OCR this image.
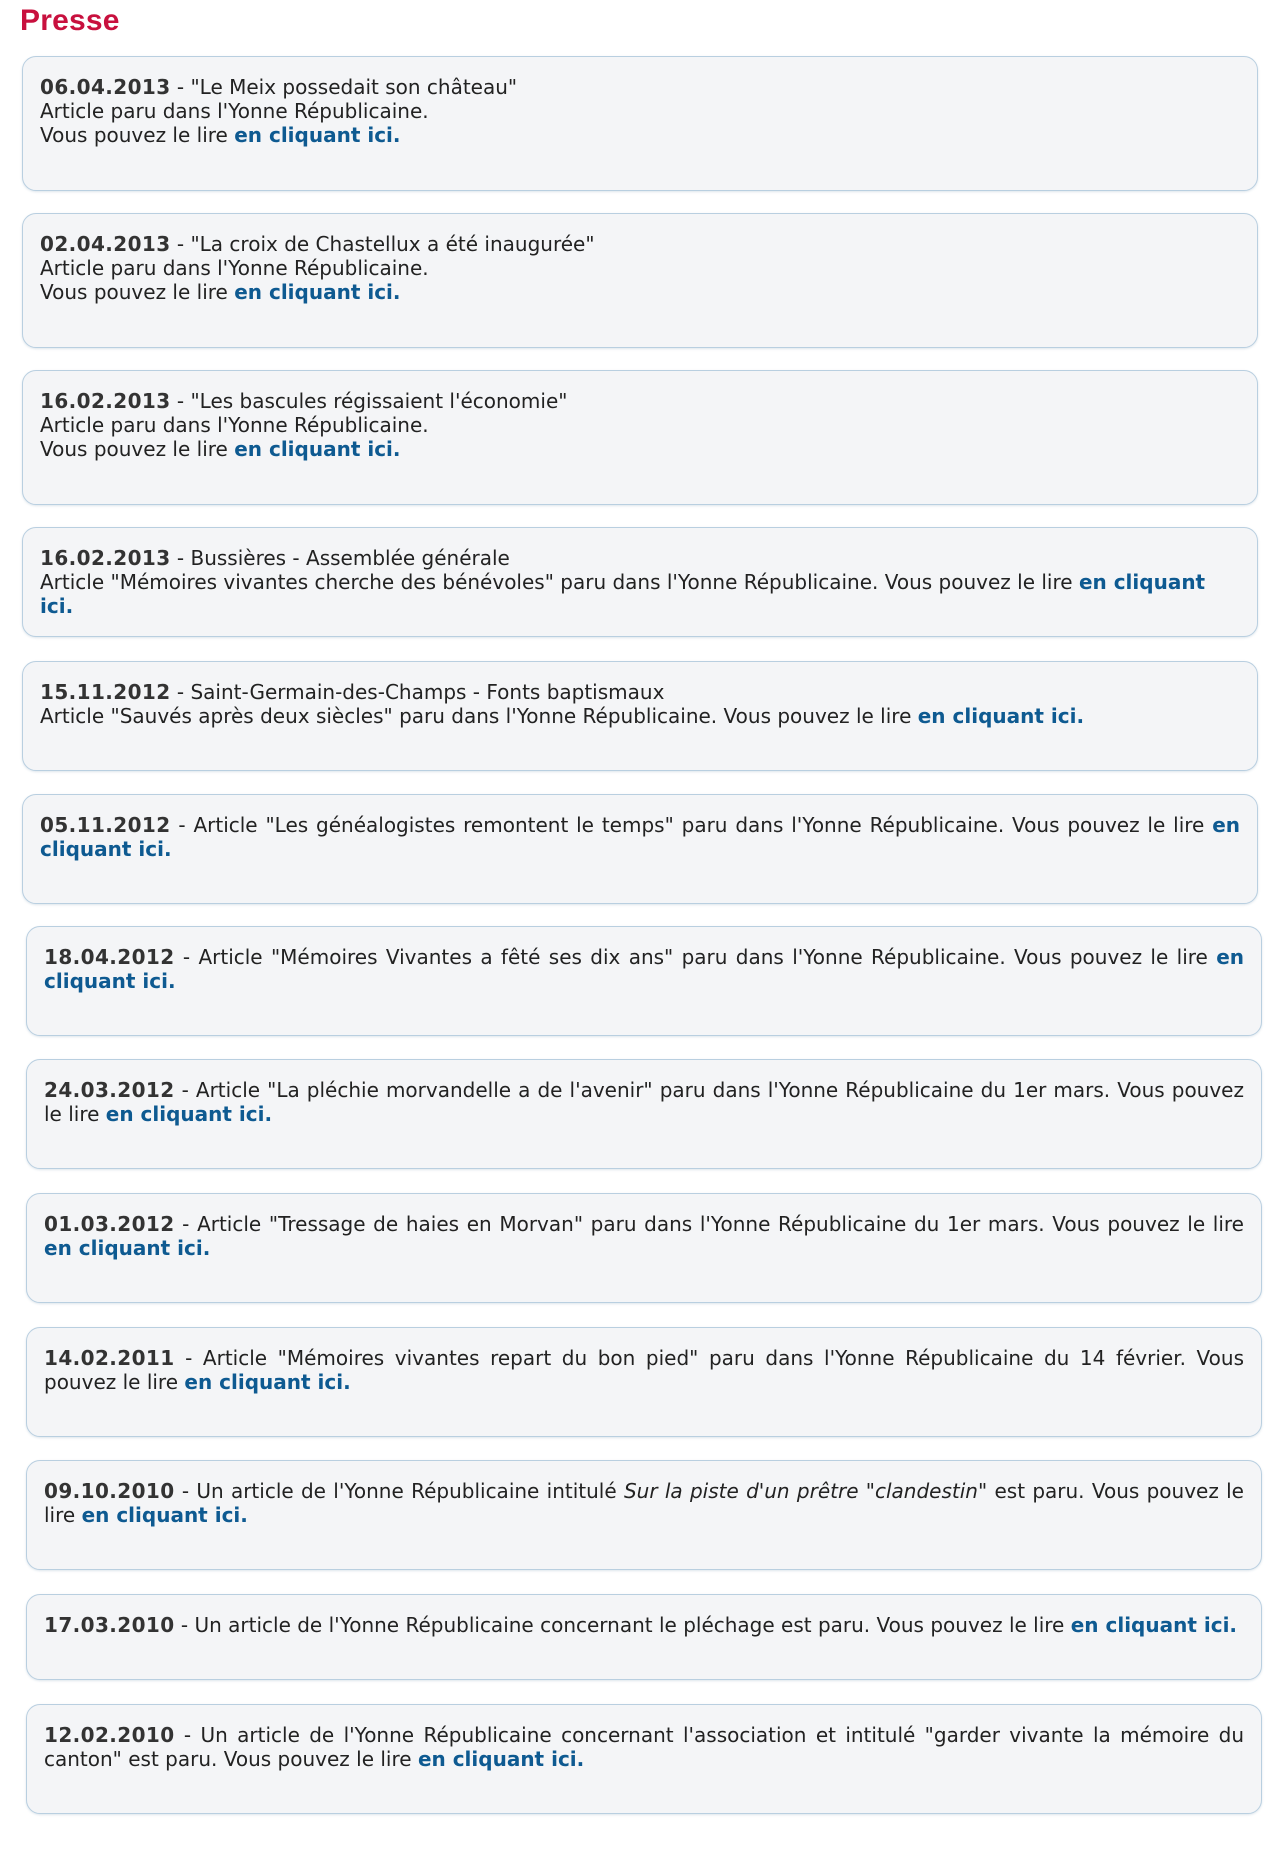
Presse
06.04.2013 - "Le Meix possedait son château"
Article paru dans l'Yonne Républicaine.
Vous pouvez le lire en cliquant ici.
02.04.2013 - "La croix de Chastellux a été inaugurée"
Article paru dans l'Yonne Républicaine.
Vous pouvez le lire en cliquant ici.
16.02.2013 - "Les bascules régissaient l'économie"
Article paru dans l'Yonne Républicaine.
Vous pouvez le lire en cliquant ici.
16.02.2013 - Bussières - Assemblée générale
Article "Mémoires vivantes cherche des bénévoles" paru dans l'Yonne Républicaine. Vous pouvez le lire en cliquant ici.
15.11.2012 - Saint-Germain-des-Champs - Fonts baptismaux
Article "Sauvés après deux siècles" paru dans l'Yonne Républicaine. Vous pouvez le lire en cliquant ici.
05.11.2012 - Article "Les généalogistes remontent le temps" paru dans l'Yonne Républicaine. Vous pouvez le lire en cliquant ici.
18.04.2012 - Article "Mémoires Vivantes a fêté ses dix ans" paru dans l'Yonne Républicaine. Vous pouvez le lire en cliquant ici.
24.03.2012 - Article "La pléchie morvandelle a de l'avenir" paru dans l'Yonne Républicaine du 1er mars. Vous pouvez le lire en cliquant ici.
01.03.2012 - Article "Tressage de haies en Morvan" paru dans l'Yonne Républicaine du 1er mars. Vous pouvez le lire en cliquant ici.
14.02.2011 - Article "Mémoires vivantes repart du bon pied" paru dans l'Yonne Républicaine du 14 février. Vous pouvez le lire en cliquant ici.
09.10.2010 - Un article de l'Yonne Républicaine intitulé Sur la piste d'un prêtre "clandestin" est paru. Vous pouvez le lire en cliquant ici.
17.03.2010 - Un article de l'Yonne Républicaine concernant le pléchage est paru. Vous pouvez le lire en cliquant ici.
12.02.2010 - Un article de l'Yonne Républicaine concernant l'association et intitulé "garder vivante la mémoire du canton" est paru. Vous pouvez le lire en cliquant ici.
